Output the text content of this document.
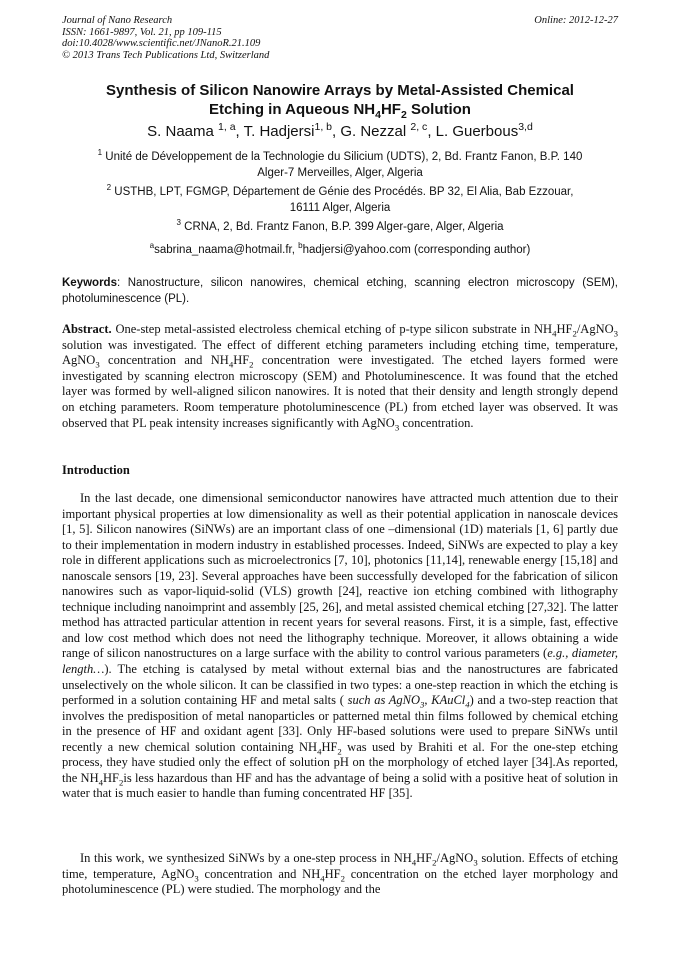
Journal of Nano Research
ISSN: 1661-9897, Vol. 21, pp 109-115
doi:10.4028/www.scientific.net/JNanoR.21.109
© 2013 Trans Tech Publications Ltd, Switzerland
Online: 2012-12-27
Synthesis of Silicon Nanowire Arrays by Metal-Assisted Chemical
Etching in Aqueous $NH_4HF_2$ Solution
S. Naama $^{1, a}$, T. Hadjersi$^{1, b}$, G. Nezzal $^{2, c}$, L. Guerbous$^{3,d}$
$^1$ Unité de Développement de la Technologie du Silicium (UDTS), 2, Bd. Frantz Fanon, B.P. 140
Alger-7 Merveilles, Alger, Algeria
$^2$ USTHB, LPT, FGMGP, Département de Génie des Procédés. BP 32, El Alia, Bab Ezzouar,
16111 Alger, Algeria
$^3$ CRNA, 2, Bd. Frantz Fanon, B.P. 399 Alger-gare, Alger, Algeria
$^a$sabrina_naama@hotmail.fr, $^b$hadjersi@yahoo.com (corresponding author)
Keywords: Nanostructure, silicon nanowires, chemical etching, scanning electron microscopy (SEM), photoluminescence (PL).
Abstract. One-step metal-assisted electroless chemical etching of p-type silicon substrate in $NH_4HF_2/AgNO_3$ solution was investigated. The effect of different etching parameters including etching time, temperature, AgNO$_3$ concentration and $NH_4HF_2$ concentration were investigated. The etched layers formed were investigated by scanning electron microscopy (SEM) and Photoluminescence. It was found that the etched layer was formed by well-aligned silicon nanowires. It is noted that their density and length strongly depend on etching parameters. Room temperature photoluminescence (PL) from etched layer was observed. It was observed that PL peak intensity increases significantly with AgNO$_3$ concentration.
Introduction
In the last decade, one dimensional semiconductor nanowires have attracted much attention due to their important physical properties at low dimensionality as well as their potential application in nanoscale devices [1, 5]. Silicon nanowires (SiNWs) are an important class of one –dimensional (1D) materials [1, 6] partly due to their implementation in modern industry in established processes. Indeed, SiNWs are expected to play a key role in different applications such as microelectronics [7, 10], photonics [11,14], renewable energy [15,18] and nanoscale sensors [19, 23]. Several approaches have been successfully developed for the fabrication of silicon nanowires such as vapor-liquid-solid (VLS) growth [24], reactive ion etching combined with lithography technique including nanoimprint and assembly [25, 26], and metal assisted chemical etching [27,32]. The latter method has attracted particular attention in recent years for several reasons. First, it is a simple, fast, effective and low cost method which does not need the lithography technique. Moreover, it allows obtaining a wide range of silicon nanostructures on a large surface with the ability to control various parameters (e.g., diameter, length…). The etching is catalysed by metal without external bias and the nanostructures are fabricated unselectively on the whole silicon. It can be classified in two types: a one-step reaction in which the etching is performed in a solution containing HF and metal salts ( such as AgNO$_3$, KAuCl$_4$) and a two-step reaction that involves the predisposition of metal nanoparticles or patterned metal thin films followed by chemical etching in the presence of HF and oxidant agent [33]. Only HF-based solutions were used to prepare SiNWs until recently a new chemical solution containing $NH_4HF_2$ was used by Brahiti et al. For the one-step etching process, they have studied only the effect of solution pH on the morphology of etched layer [34].As reported, the $NH_4HF_2is$ less hazardous than HF and has the advantage of being a solid with a positive heat of solution in water that is much easier to handle than fuming concentrated HF [35].
In this work, we synthesized SiNWs by a one-step process in $NH_4HF_2/AgNO_3$ solution. Effects of etching time, temperature, AgNO$_3$ concentration and $NH_4HF_2$ concentration on the etched layer morphology and photoluminescence (PL) were studied. The morphology and the
